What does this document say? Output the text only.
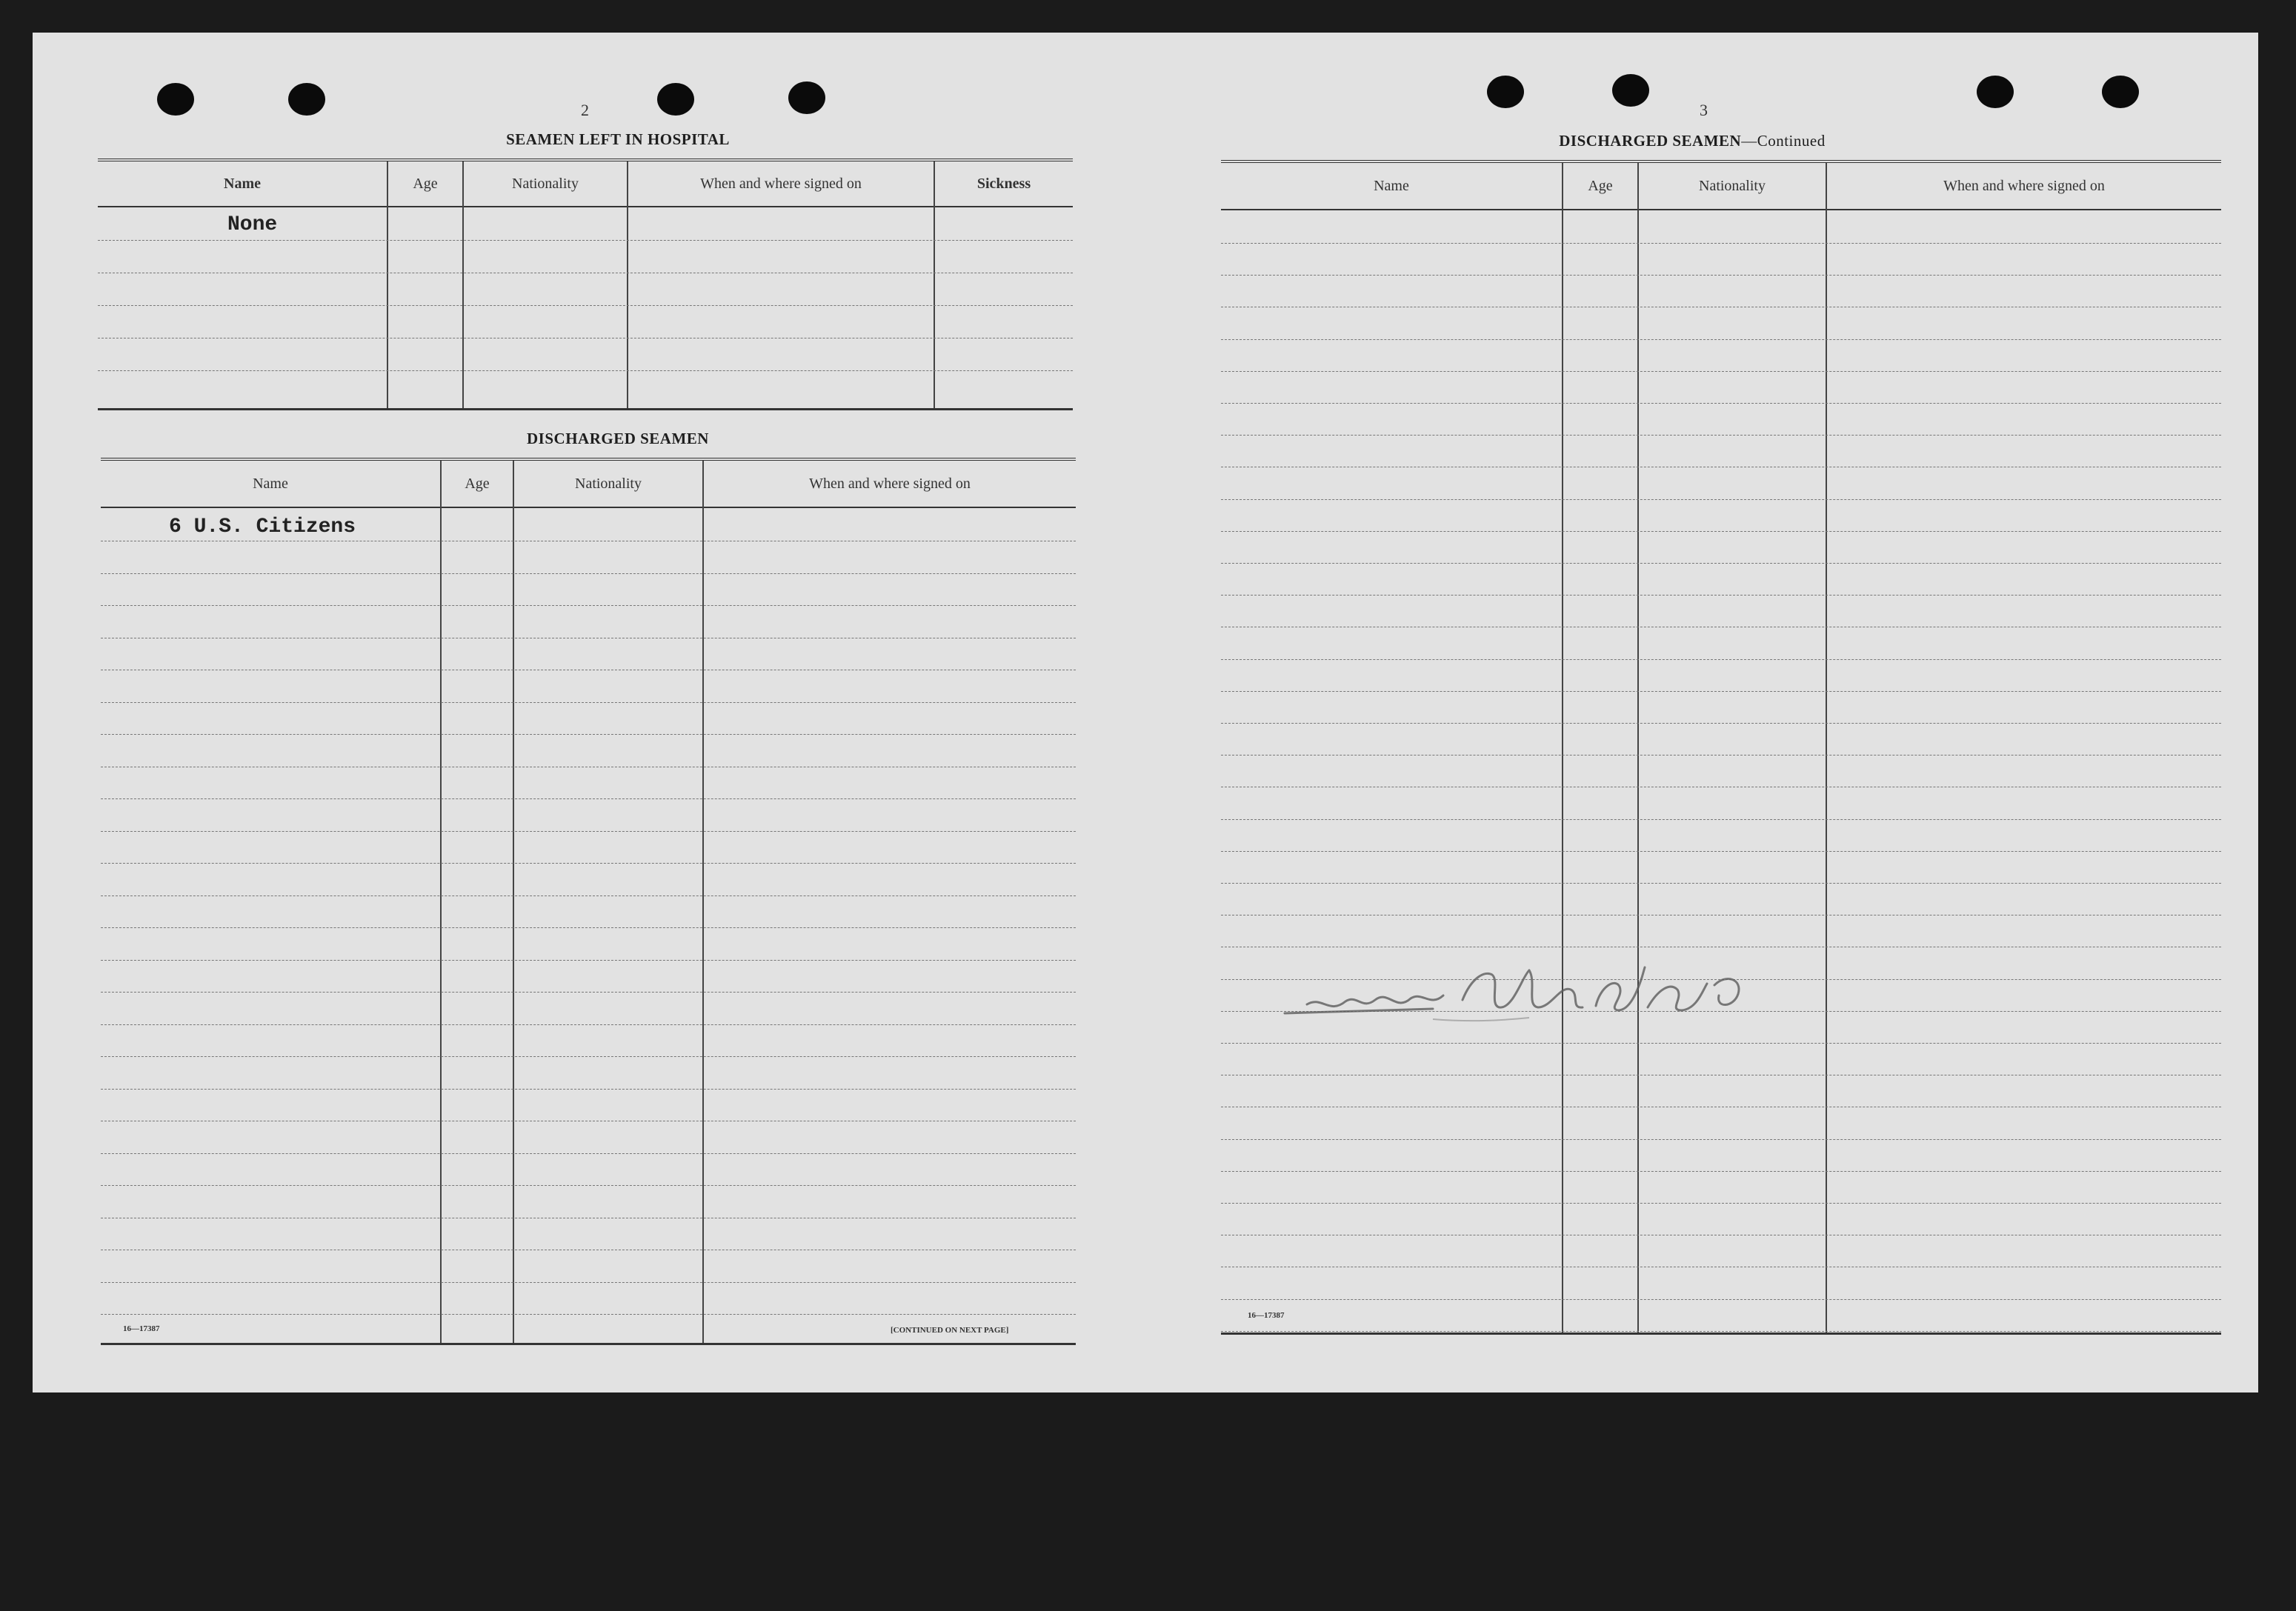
2
SEAMEN LEFT IN HOSPITAL
Name	Age	Nationality	When and where signed on	Sickness
None
DISCHARGED SEAMEN
Name	Age	Nationality	When and where signed on
6 U.S. Citizens
16—17387	[CONTINUED ON NEXT PAGE]
3
DISCHARGED SEAMEN—Continued
Name	Age	Nationality	When and where signed on
16—17387
